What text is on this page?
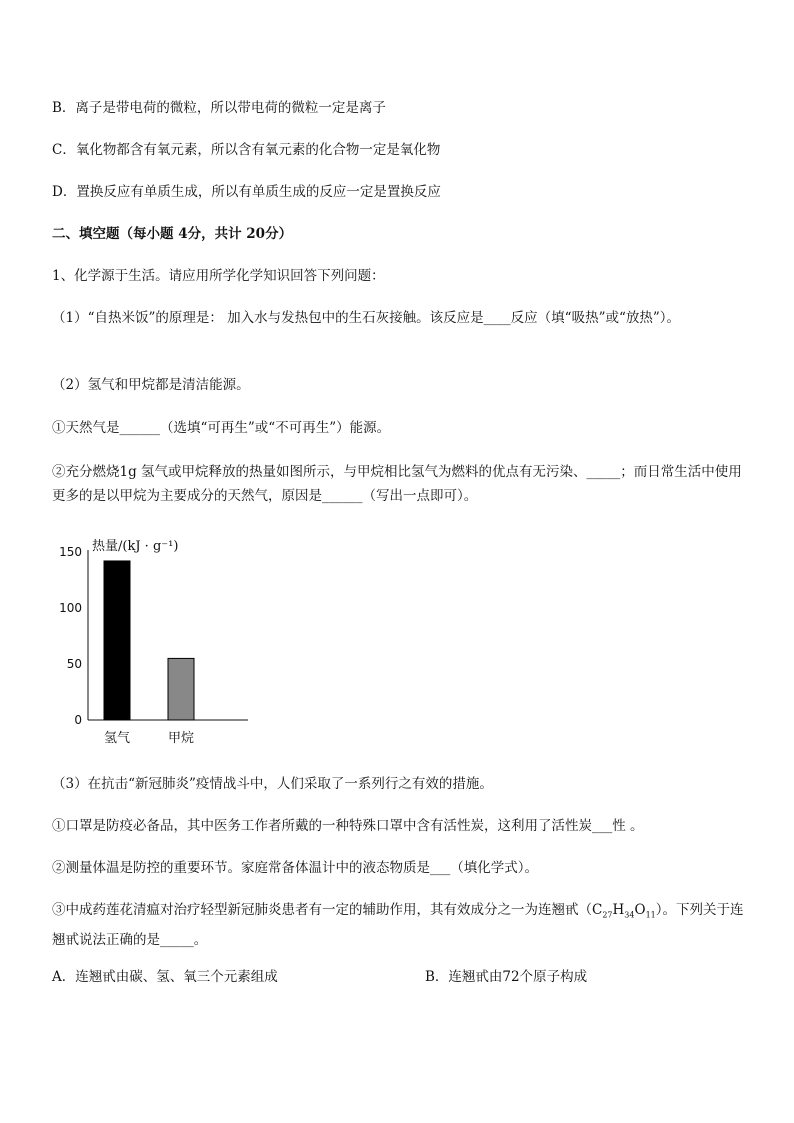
B．离子是带电荷的微粒，所以带电荷的微粒一定是离子
C．氧化物都含有氧元素，所以含有氧元素的化合物一定是氧化物
D．置换反应有单质生成，所以有单质生成的反应一定是置换反应
二、填空题（每小题 4分，共计 20分）
1、化学源于生活。请应用所学化学知识回答下列问题：
（1）“自热米饭”的原理是： 加入水与发热包中的生石灰接触。该反应是____反应（填“吸热”或“放热”）。
（2）氢气和甲烷都是清洁能源。
①天然气是______（选填“可再生”或“不可再生”）能源。
②充分燃烧1g 氢气或甲烷释放的热量如图所示，与甲烷相比氢气为燃料的优点有无污染、_____；而日常生活中使用更多的是以甲烷为主要成分的天然气，原因是______（写出一点即可）。
热量/(kJ · g⁻¹)
0
50
100
150
氢气	甲烷
（3）在抗击“新冠肺炎”疫情战斗中，人们采取了一系列行之有效的措施。
①口罩是防疫必备品，其中医务工作者所戴的一种特殊口罩中含有活性炭，这利用了活性炭___性 。
②测量体温是防控的重要环节。家庭常备体温计中的液态物质是___（填化学式）。
③中成药莲花清瘟对治疗轻型新冠肺炎患者有一定的辅助作用，其有效成分之一为连翘甙$(C_{27}H_{34}O_{11})$。下列关于连翘甙说法正确的是_____。
A．连翘甙由碳、氢、氧三个元素组成	B．连翘甙由72个原子构成
